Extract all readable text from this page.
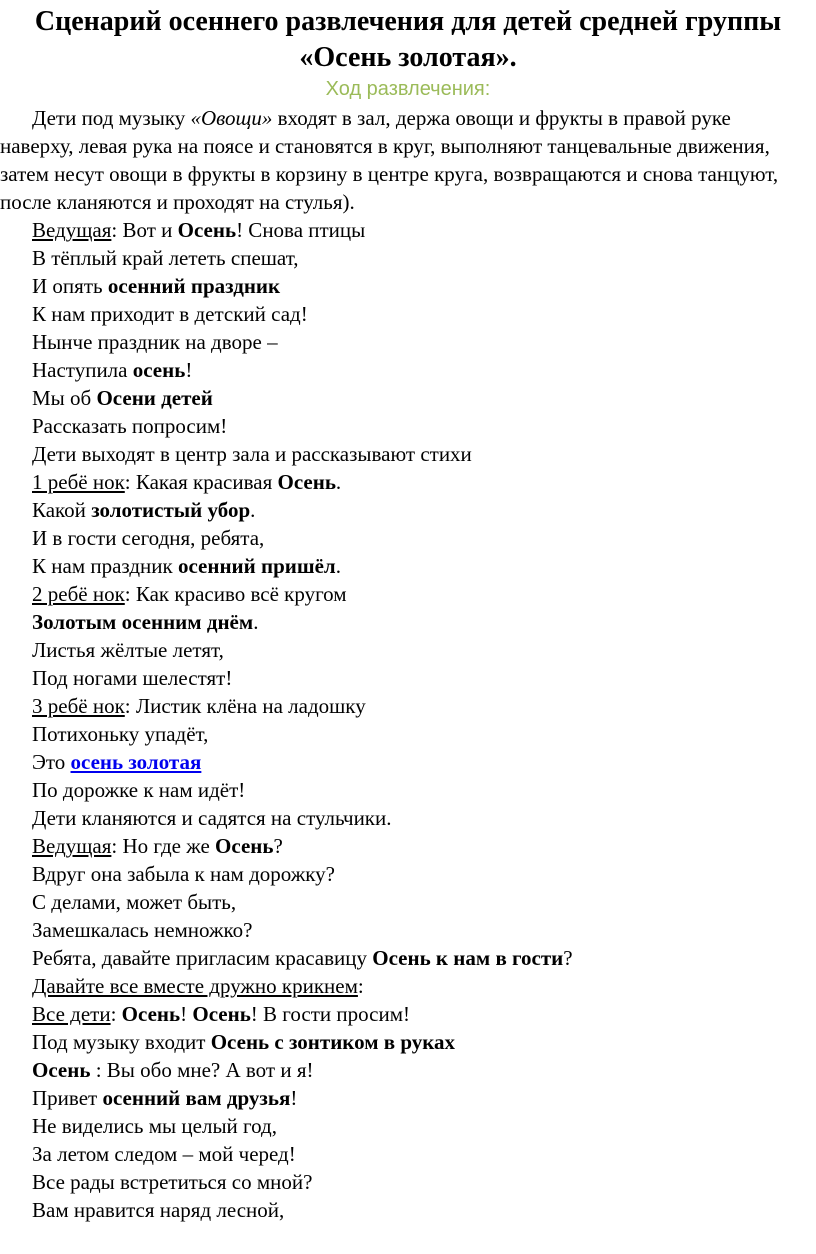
Сценарий осеннего развлечения для детей средней группы «Осень золотая».
Ход развлечения:

Дети под музыку «Овощи» входят в зал, держа овощи и фрукты в правой руке наверху, левая рука на поясе и становятся в круг, выполняют танцевальные движения, затем несут овощи в фрукты в корзину в центре круга, возвращаются и снова танцуют, после кланяются и проходят на стулья).

Ведущая: Вот и Осень! Снова птицы
В тёплый край лететь спешат,
И опять осенний праздник
К нам приходит в детский сад!
Нынче праздник на дворе –
Наступила осень!
Мы об Осени детей
Рассказать попросим!
Дети выходят в центр зала и рассказывают стихи
1 ребё нок: Какая красивая Осень.
Какой золотистый убор.
И в гости сегодня, ребята,
К нам праздник осенний пришёл.
2 ребё нок: Как красиво всё кругом
Золотым осенним днём.
Листья жёлтые летят,
Под ногами шелестят!
3 ребё нок: Листик клёна на ладошку
Потихоньку упадёт,
Это осень золотая
По дорожке к нам идёт!
Дети кланяются и садятся на стульчики.
Ведущая: Но где же Осень?
Вдруг она забыла к нам дорожку?
С делами, может быть,
Замешкалась немножко?
Ребята, давайте пригласим красавицу Осень к нам в гости?
Давайте все вместе дружно крикнем:
Все дети: Осень! Осень! В гости просим!
Под музыку входит Осень с зонтиком в руках
Осень : Вы обо мне? А вот и я!
Привет осенний вам друзья!
Не виделись мы целый год,
За летом следом – мой черед!
Все рады встретиться со мной?
Вам нравится наряд лесной,
